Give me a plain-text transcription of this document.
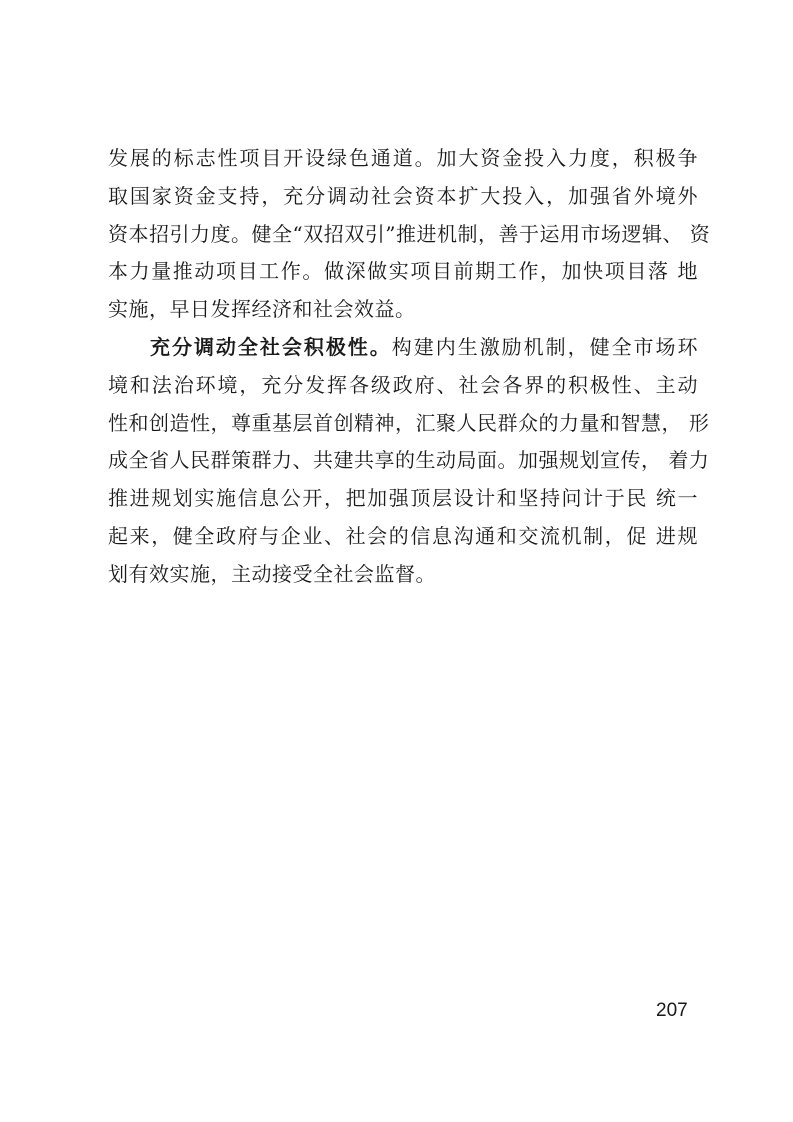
发展的标志性项目开设绿色通道。加大资金投入力度，积极争
取国家资金支持，充分调动社会资本扩大投入，加强省外境外
资本招引力度。健全“双招双引”推进机制，善于运用市场逻辑、 资
本力量推动项目工作。做深做实项目前期工作，加快项目落 地
实施，早日发挥经济和社会效益。
充分调动全社会积极性。构建内生激励机制，健全市场环
境和法治环境，充分发挥各级政府、社会各界的积极性、主动
性和创造性，尊重基层首创精神，汇聚人民群众的力量和智慧， 形
成全省人民群策群力、共建共享的生动局面。加强规划宣传， 着力
推进规划实施信息公开，把加强顶层设计和坚持问计于民 统一
起来，健全政府与企业、社会的信息沟通和交流机制，促 进规
划有效实施，主动接受全社会监督。
207
